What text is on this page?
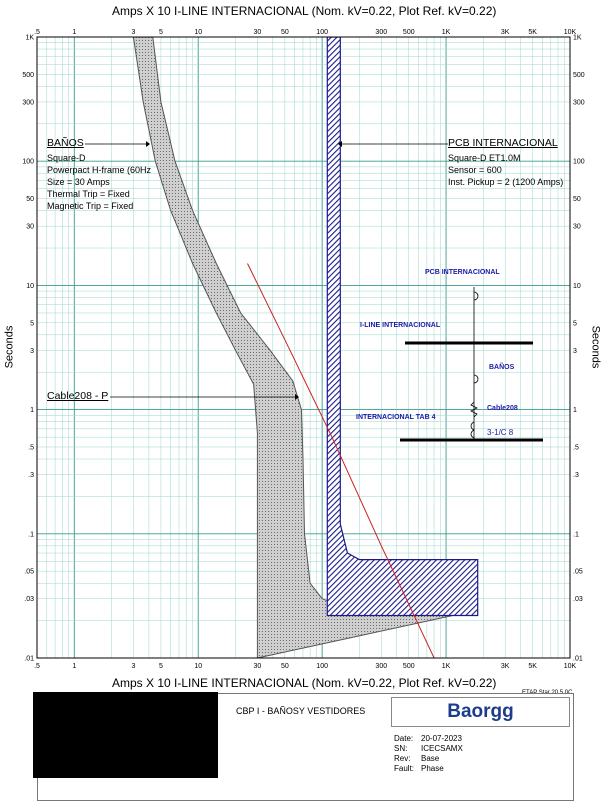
.5
.5
1
1
3
3
5
5
10
10
30
30
50
50
100
100
300
300
500
500
1K
1K
3K
3K
5K
5K
10K
10K
1K	1K
500	500
300	300
100	100
50	50
30	30
10	10
5	5
3	3
1	1
.5	.5
.3	.3
.1	.1
.05	.05
.03	.03
.01	.01
Amps X 10 I-LINE INTERNACIONAL (Nom. kV=0.22, Plot Ref. kV=0.22)
Amps X 10 I-LINE INTERNACIONAL (Nom. kV=0.22, Plot Ref. kV=0.22)
Seconds	Seconds
BAÑOS
Square-D
Powerpact H-frame (60Hz
Size = 30 Amps
Thermal Trip = Fixed
Magnetic Trip = Fixed
PCB INTERNACIONAL
Square-D ET1.0M
Sensor = 600
Inst. Pickup = 2 (1200 Amps)
Cable208 - P
PCB INTERNACIONAL
I-LINE INTERNACIONAL
BAÑOS
Cable208
INTERNACIONAL TAB 4
3-1/C 8
ETAP Star 20.5.0C
CBP I - BAÑOSY VESTIDORES	Baorgg
Date: 20-07-2023
SN: ICECSAMX
Rev: Base
Fault: Phase
